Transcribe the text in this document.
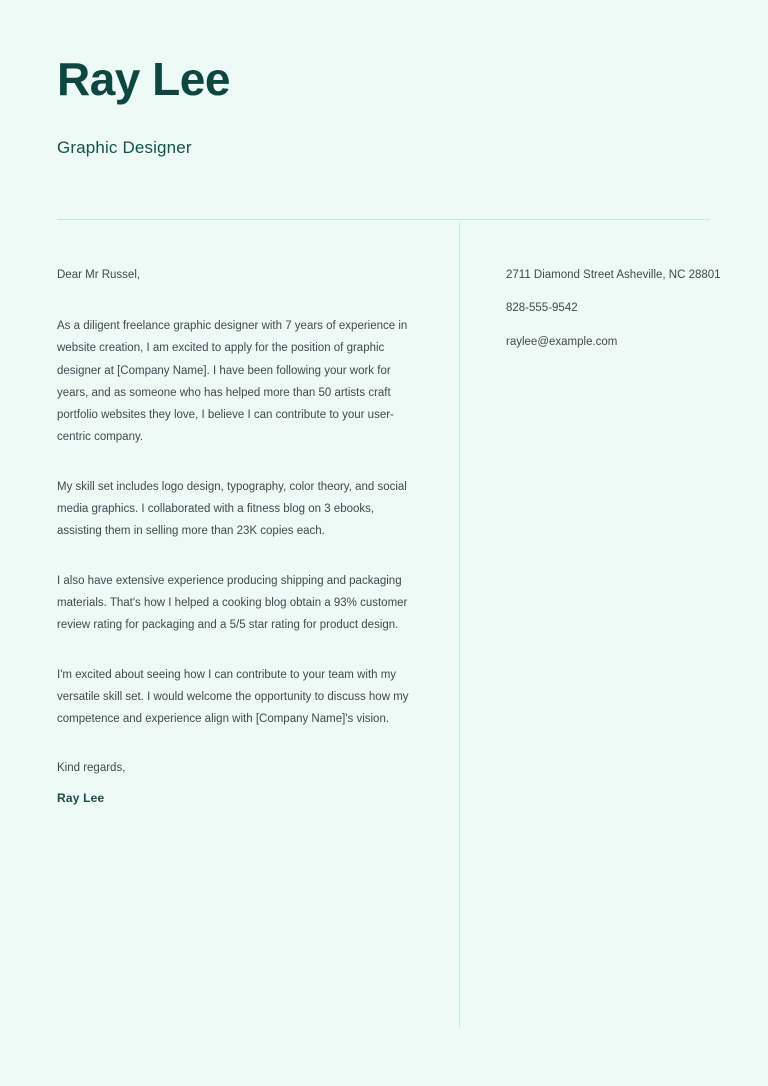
Ray Lee

Graphic Designer

Dear Mr Russel,

As a diligent freelance graphic designer with 7 years of experience in website creation, I am excited to apply for the position of graphic designer at [Company Name]. I have been following your work for years, and as someone who has helped more than 50 artists craft portfolio websites they love, I believe I can contribute to your user-centric company.

My skill set includes logo design, typography, color theory, and social media graphics. I collaborated with a fitness blog on 3 ebooks, assisting them in selling more than 23K copies each.

I also have extensive experience producing shipping and packaging materials. That's how I helped a cooking blog obtain a 93% customer review rating for packaging and a 5/5 star rating for product design.

I'm excited about seeing how I can contribute to your team with my versatile skill set. I would welcome the opportunity to discuss how my competence and experience align with [Company Name]'s vision.

Kind regards,

Ray Lee

2711 Diamond Street Asheville, NC 28801

828-555-9542

raylee@example.com
